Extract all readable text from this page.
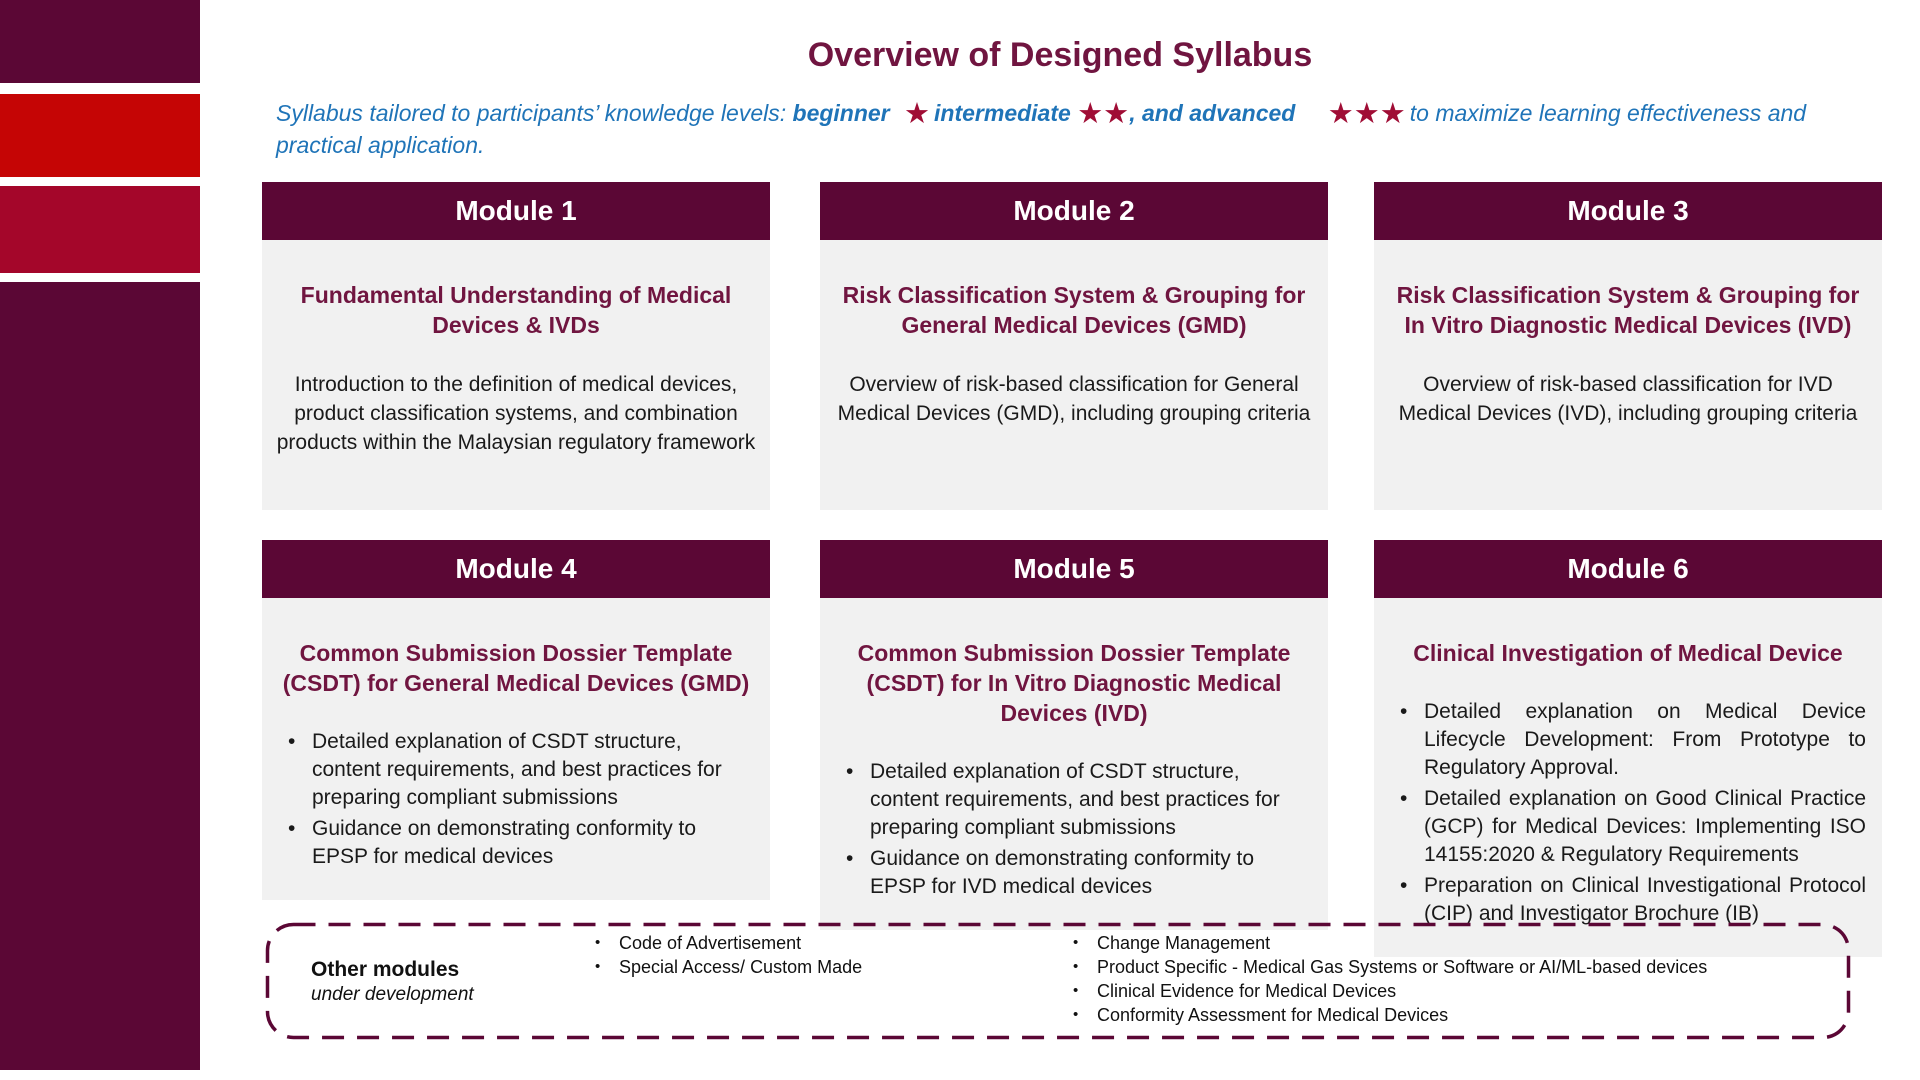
Overview of Designed Syllabus
Syllabus tailored to participants’ knowledge levels: beginner ★ intermediate ★★, and advanced ★★★ to maximize learning effectiveness and practical application.
Module 1

Fundamental Understanding of Medical Devices & IVDs

Introduction to the definition of medical devices, product classification systems, and combination products within the Malaysian regulatory framework

Module 2

Risk Classification System & Grouping for General Medical Devices (GMD)

Overview of risk-based classification for General Medical Devices (GMD), including grouping criteria

Module 3

Risk Classification System & Grouping for In Vitro Diagnostic Medical Devices (IVD)

Overview of risk-based classification for IVD Medical Devices (IVD), including grouping criteria

Module 4

Common Submission Dossier Template (CSDT) for General Medical Devices (GMD)

• Detailed explanation of CSDT structure, content requirements, and best practices for preparing compliant submissions
• Guidance on demonstrating conformity to EPSP for medical devices
Module 5

Common Submission Dossier Template (CSDT) for In Vitro Diagnostic Medical Devices (IVD)

• Detailed explanation of CSDT structure, content requirements, and best practices for preparing compliant submissions
• Guidance on demonstrating conformity to EPSP for IVD medical devices
Module 6

Clinical Investigation of Medical Device

• Detailed explanation on Medical Device Lifecycle Development: From Prototype to Regulatory Approval.
• Detailed explanation on Good Clinical Practice (GCP) for Medical Devices: Implementing ISO 14155:2020 & Regulatory Requirements
• Preparation on Clinical Investigational Protocol (CIP) and Investigator Brochure (IB)

Other modules

under development

• Code of Advertisement
• Special Access/ Custom Made
• Change Management
• Product Specific - Medical Gas Systems or Software or AI/ML-based devices
• Clinical Evidence for Medical Devices
• Conformity Assessment for Medical Devices
